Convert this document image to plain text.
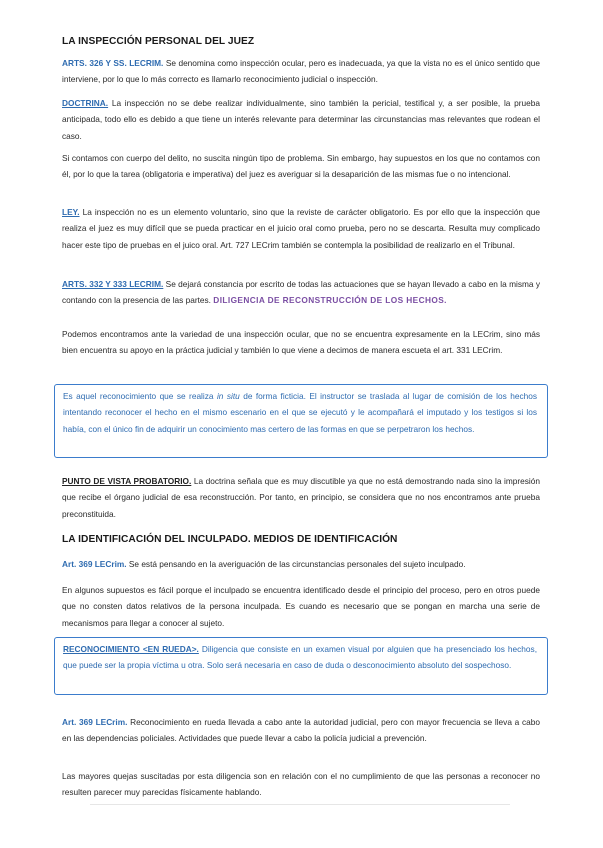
LA INSPECCIÓN PERSONAL DEL JUEZ
ARTS. 326 Y SS. LECRIM. Se denomina como inspección ocular, pero es inadecuada, ya que la vista no es el único sentido que interviene, por lo que lo más correcto es llamarlo reconocimiento judicial o inspección.
DOCTRINA. La inspección no se debe realizar individualmente, sino también la pericial, testifical y, a ser posible, la prueba anticipada, todo ello es debido a que tiene un interés relevante para determinar las circunstancias mas relevantes que rodean el caso.
Si contamos con cuerpo del delito, no suscita ningún tipo de problema. Sin embargo, hay supuestos en los que no contamos con él, por lo que la tarea (obligatoria e imperativa) del juez es averiguar si la desaparición de las mismas fue o no intencional.
LEY. La inspección no es un elemento voluntario, sino que la reviste de carácter obligatorio. Es por ello que la inspección que realiza el juez es muy difícil que se pueda practicar en el juicio oral como prueba, pero no se descarta. Resulta muy complicado hacer este tipo de pruebas en el juico oral. Art. 727 LECrim también se contempla la posibilidad de realizarlo en el Tribunal.
ARTS. 332 Y 333 LECRIM. Se dejará constancia por escrito de todas las actuaciones que se hayan llevado a cabo en la misma y contando con la presencia de las partes. DILIGENCIA DE RECONSTRUCCIÓN DE LOS HECHOS.
Podemos encontramos ante la variedad de una inspección ocular, que no se encuentra expresamente en la LECrim, sino más bien encuentra su apoyo en la práctica judicial y también lo que viene a decimos de manera escueta el art. 331 LECrim.
Es aquel reconocimiento que se realiza in situ de forma ficticia. El instructor se traslada al lugar de comisión de los hechos intentando reconocer el hecho en el mismo escenario en el que se ejecutó y le acompañará el imputado y los testigos si los había, con el único fin de adquirir un conocimiento mas certero de las formas en que se perpetraron los hechos.
PUNTO DE VISTA PROBATORIO. La doctrina señala que es muy discutible ya que no está demostrando nada sino la impresión que recibe el órgano judicial de esa reconstrucción. Por tanto, en principio, se considera que no nos encontramos ante prueba preconstituida.
LA IDENTIFICACIÓN DEL INCULPADO. MEDIOS DE IDENTIFICACIÓN
Art. 369 LECrim. Se está pensando en la averiguación de las circunstancias personales del sujeto inculpado.
En algunos supuestos es fácil porque el inculpado se encuentra identificado desde el principio del proceso, pero en otros puede que no consten datos relativos de la persona inculpada. Es cuando es necesario que se pongan en marcha una serie de mecanismos para llegar a conocer al sujeto.
RECONOCIMIENTO <EN RUEDA>. Diligencia que consiste en un examen visual por alguien que ha presenciado los hechos, que puede ser la propia víctima u otra. Solo será necesaria en caso de duda o desconocimiento absoluto del sospechoso.
Art. 369 LECrim. Reconocimiento en rueda llevada a cabo ante la autoridad judicial, pero con mayor frecuencia se lleva a cabo en las dependencias policiales. Actividades que puede llevar a cabo la policía judicial a prevención.
Las mayores quejas suscitadas por esta diligencia son en relación con el no cumplimiento de que las personas a reconocer no resulten parecer muy parecidas físicamente hablando.
